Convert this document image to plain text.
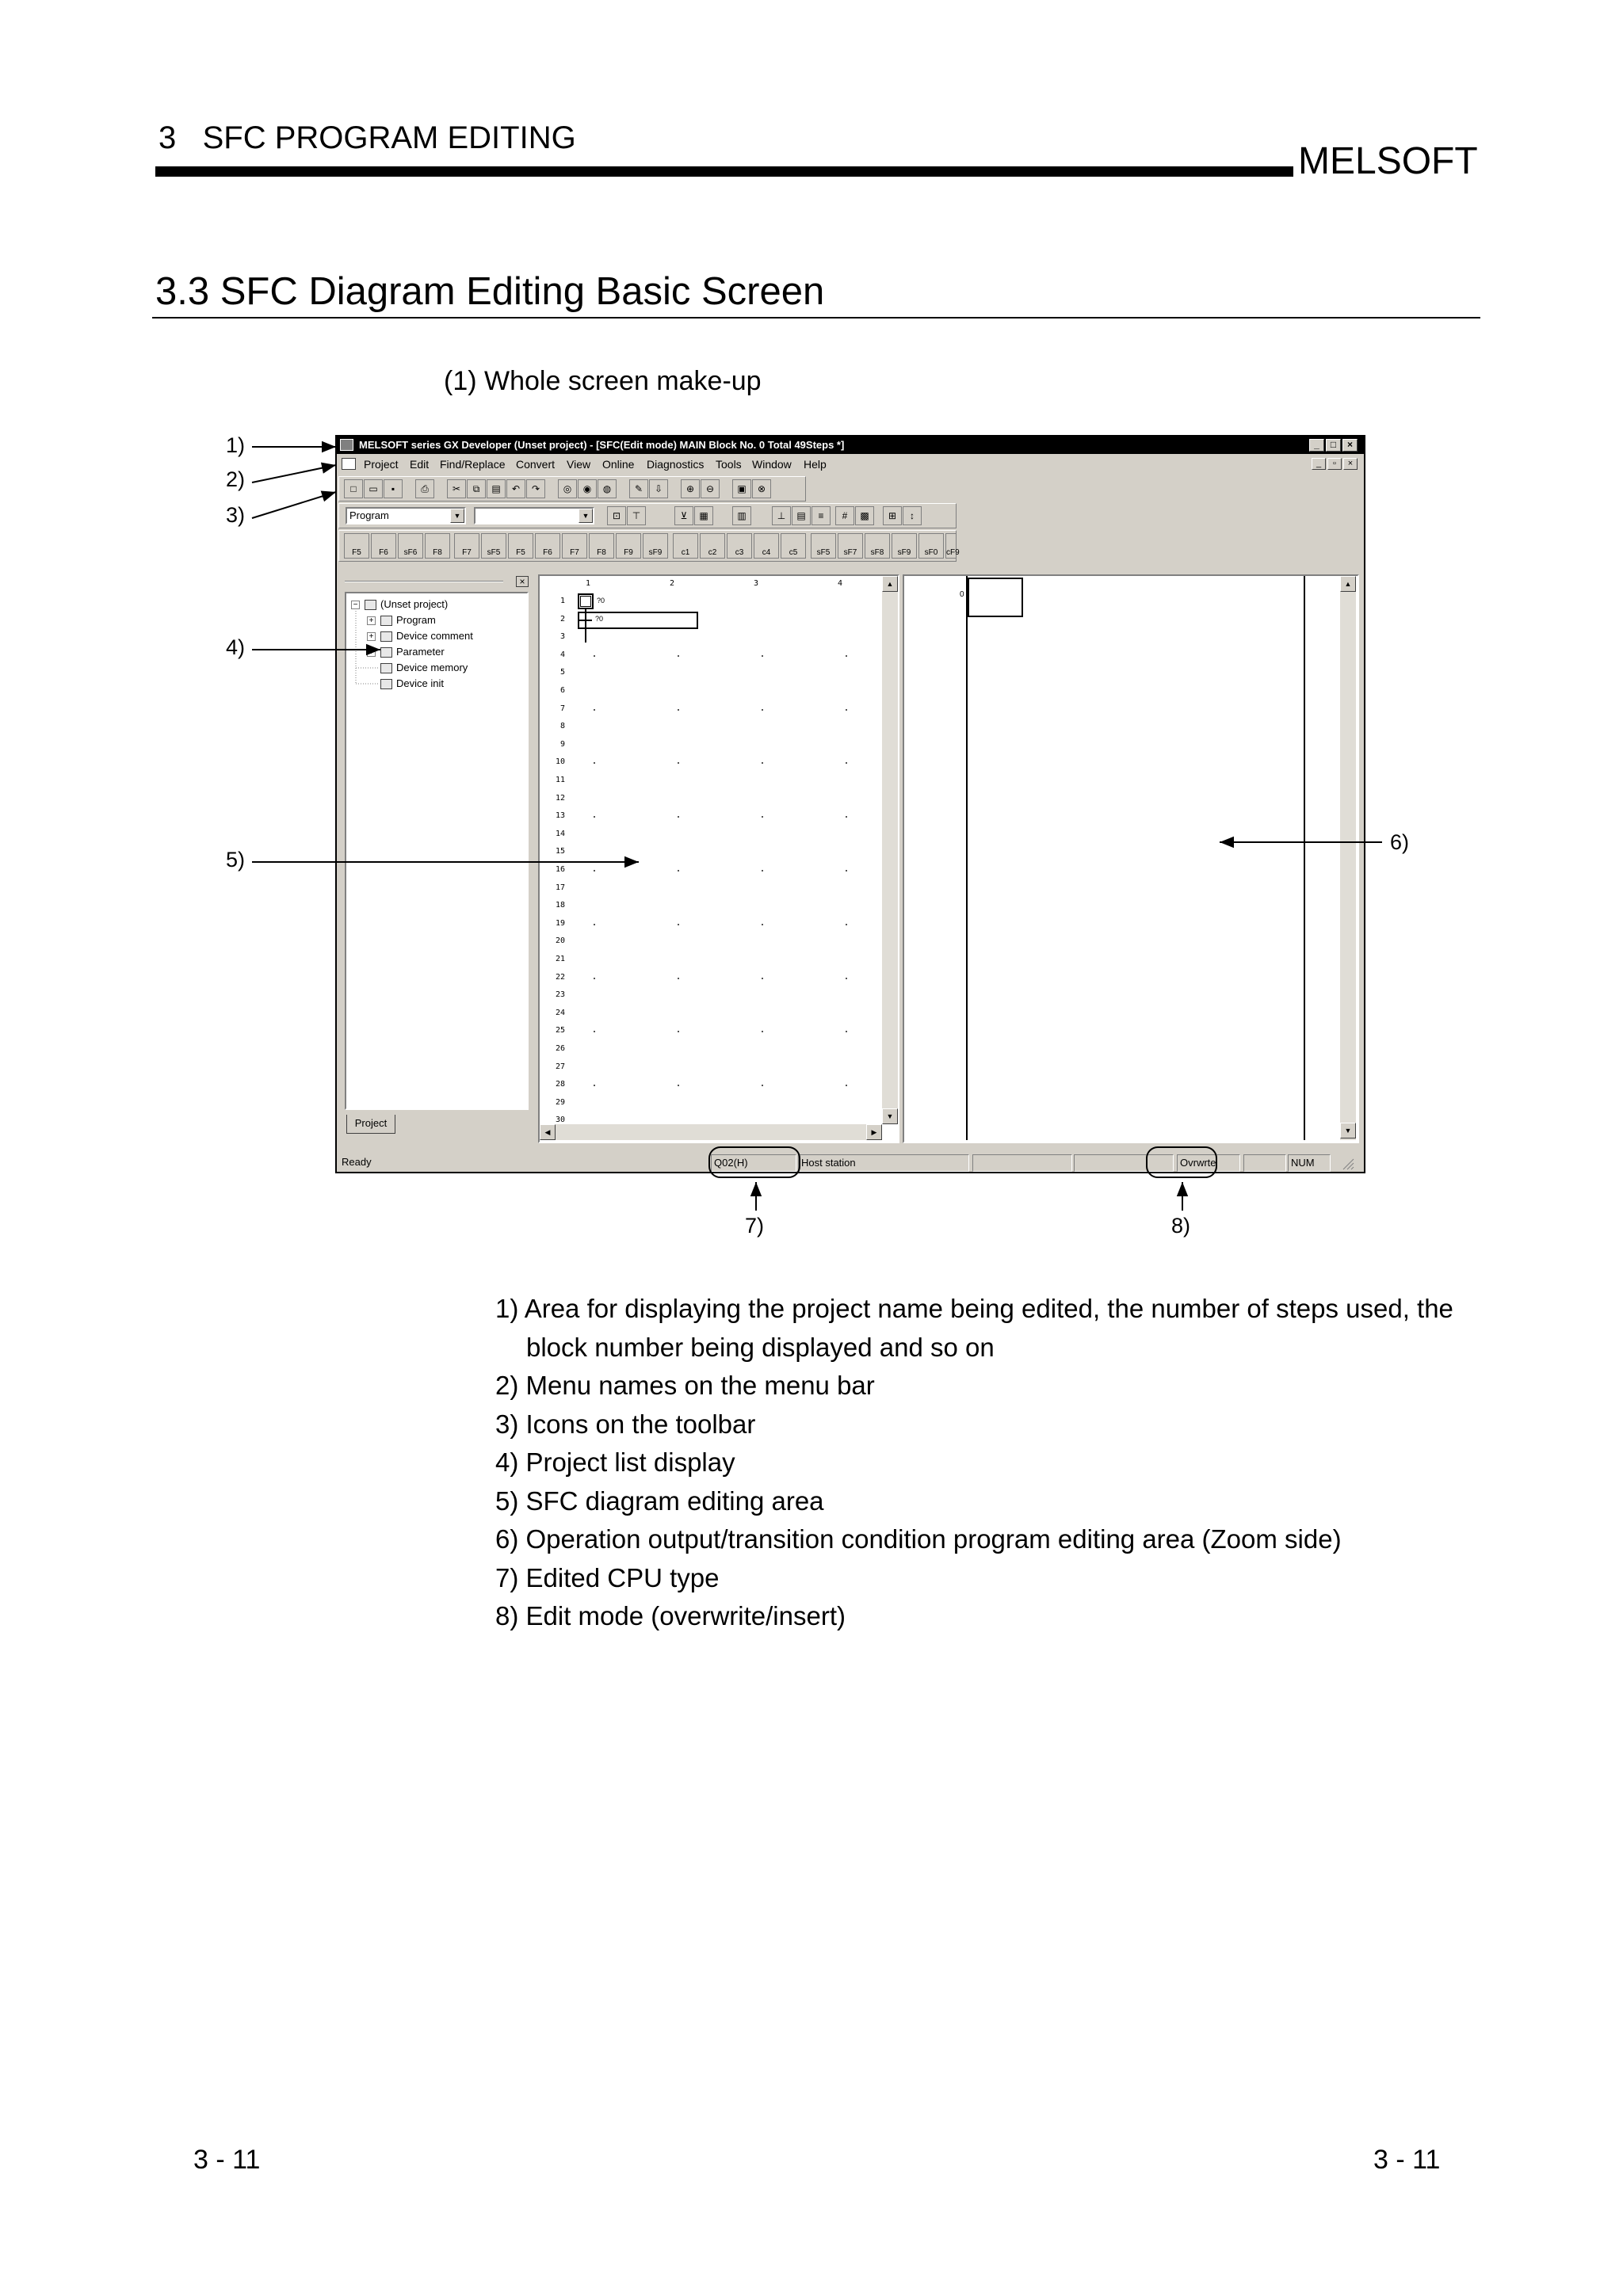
3   SFC PROGRAM EDITING
MELSOFT
3.3 SFC Diagram Editing Basic Screen
(1) Whole screen make-up
1)
2)
3)
4)
5)
6)
7)	8)
MELSOFT series GX Developer (Unset project) - [SFC(Edit mode) MAIN Block No. 0 Total 49Steps *]	_	□	×
Project Edit Find/Replace Convert View Online Diagnostics Tools Window Help	_	▫	×
□	▭	▪	⎙	✂	⧉	▤	↶	↷	◎	◉	◍	✎	⇩	⊕	⊖	▣	⊗
Program	▼	▼	⊡	⊤	⊻	▦	▥	⊥	▤	≡	#	▩	⊞	↕
F5	F6	sF6	F8	F7	sF5	F5	F6	F7	F8	F9	sF9	c1	c2	c3	c4	c5	sF5	sF7	sF8	sF9	sF0	cF9
×
− (Unset project)
+ Program
+ Device comment
+ Parameter
Device memory
Device init
Project
1	2	3	4
1
2
3
4
5
6
7
8
9
10
11
12
13
14
15
16
17
18
19
20
21
22
23
24
25
26
27
28
29
30
?0
?0
▲
▼
◀	▶
0
▲
▼
Ready	Q02(H)	Host station	Ovrwrte	NUM
1) Area for displaying the project name being edited, the number of steps used, the block number being displayed and so on
2) Menu names on the menu bar
3) Icons on the toolbar
4) Project list display
5) SFC diagram editing area
6) Operation output/transition condition program editing area (Zoom side)
7) Edited CPU type
8) Edit mode (overwrite/insert)
3 - 11	3 - 11
